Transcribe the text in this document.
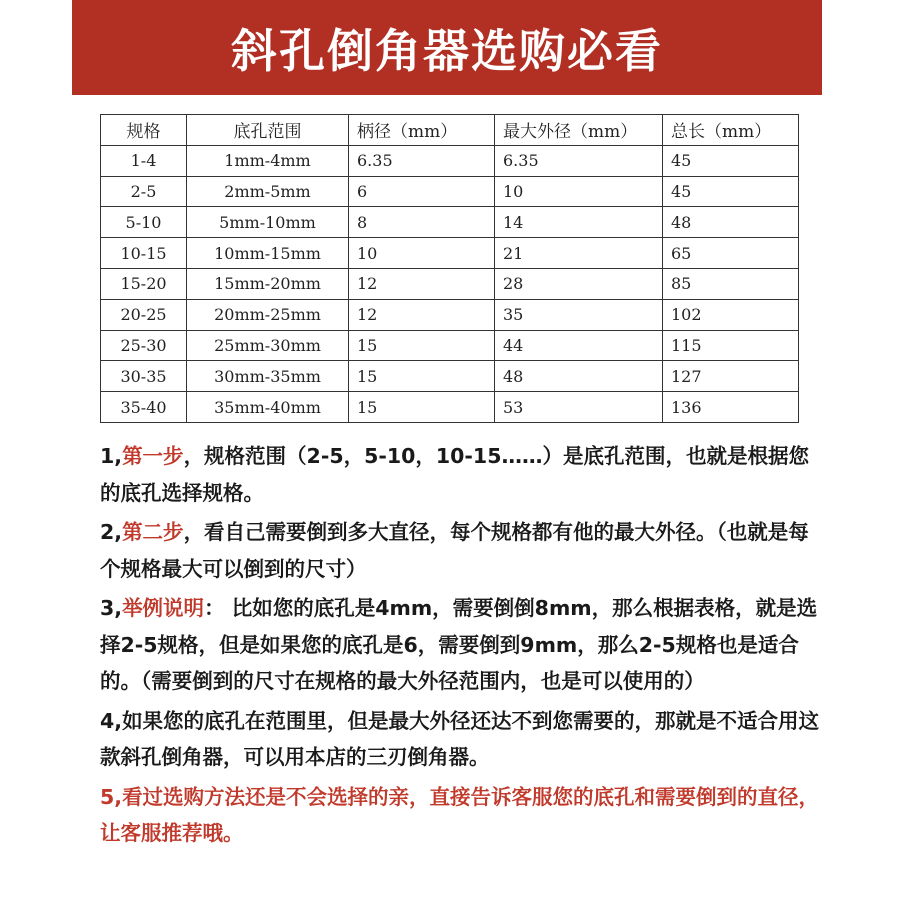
斜孔倒角器选购必看
规格	底孔范围	柄径（mm）	最大外径（mm）	总长（mm）
1-4	1mm-4mm	6.35	6.35	45
2-5	2mm-5mm	6	10	45
5-10	5mm-10mm	8	14	48
10-15	10mm-15mm	10	21	65
15-20	15mm-20mm	12	28	85
20-25	20mm-25mm	12	35	102
25-30	25mm-30mm	15	44	115
30-35	30mm-35mm	15	48	127
35-40	35mm-40mm	15	53	136
1,第一步，规格范围（2-5，5-10，10-15……）是底孔范围，也就是根据您的底孔选择规格。
2,第二步，看自己需要倒到多大直径，每个规格都有他的最大外径。（也就是每个规格最大可以倒到的尺寸）
3,举例说明： 比如您的底孔是4mm，需要倒倒8mm，那么根据表格，就是选择2-5规格，但是如果您的底孔是6，需要倒到9mm，那么2-5规格也是适合的。（需要倒到的尺寸在规格的最大外径范围内，也是可以使用的）
4,如果您的底孔在范围里，但是最大外径还达不到您需要的，那就是不适合用这款斜孔倒角器，可以用本店的三刃倒角器。
5,看过选购方法还是不会选择的亲，直接告诉客服您的底孔和需要倒到的直径，让客服推荐哦。
